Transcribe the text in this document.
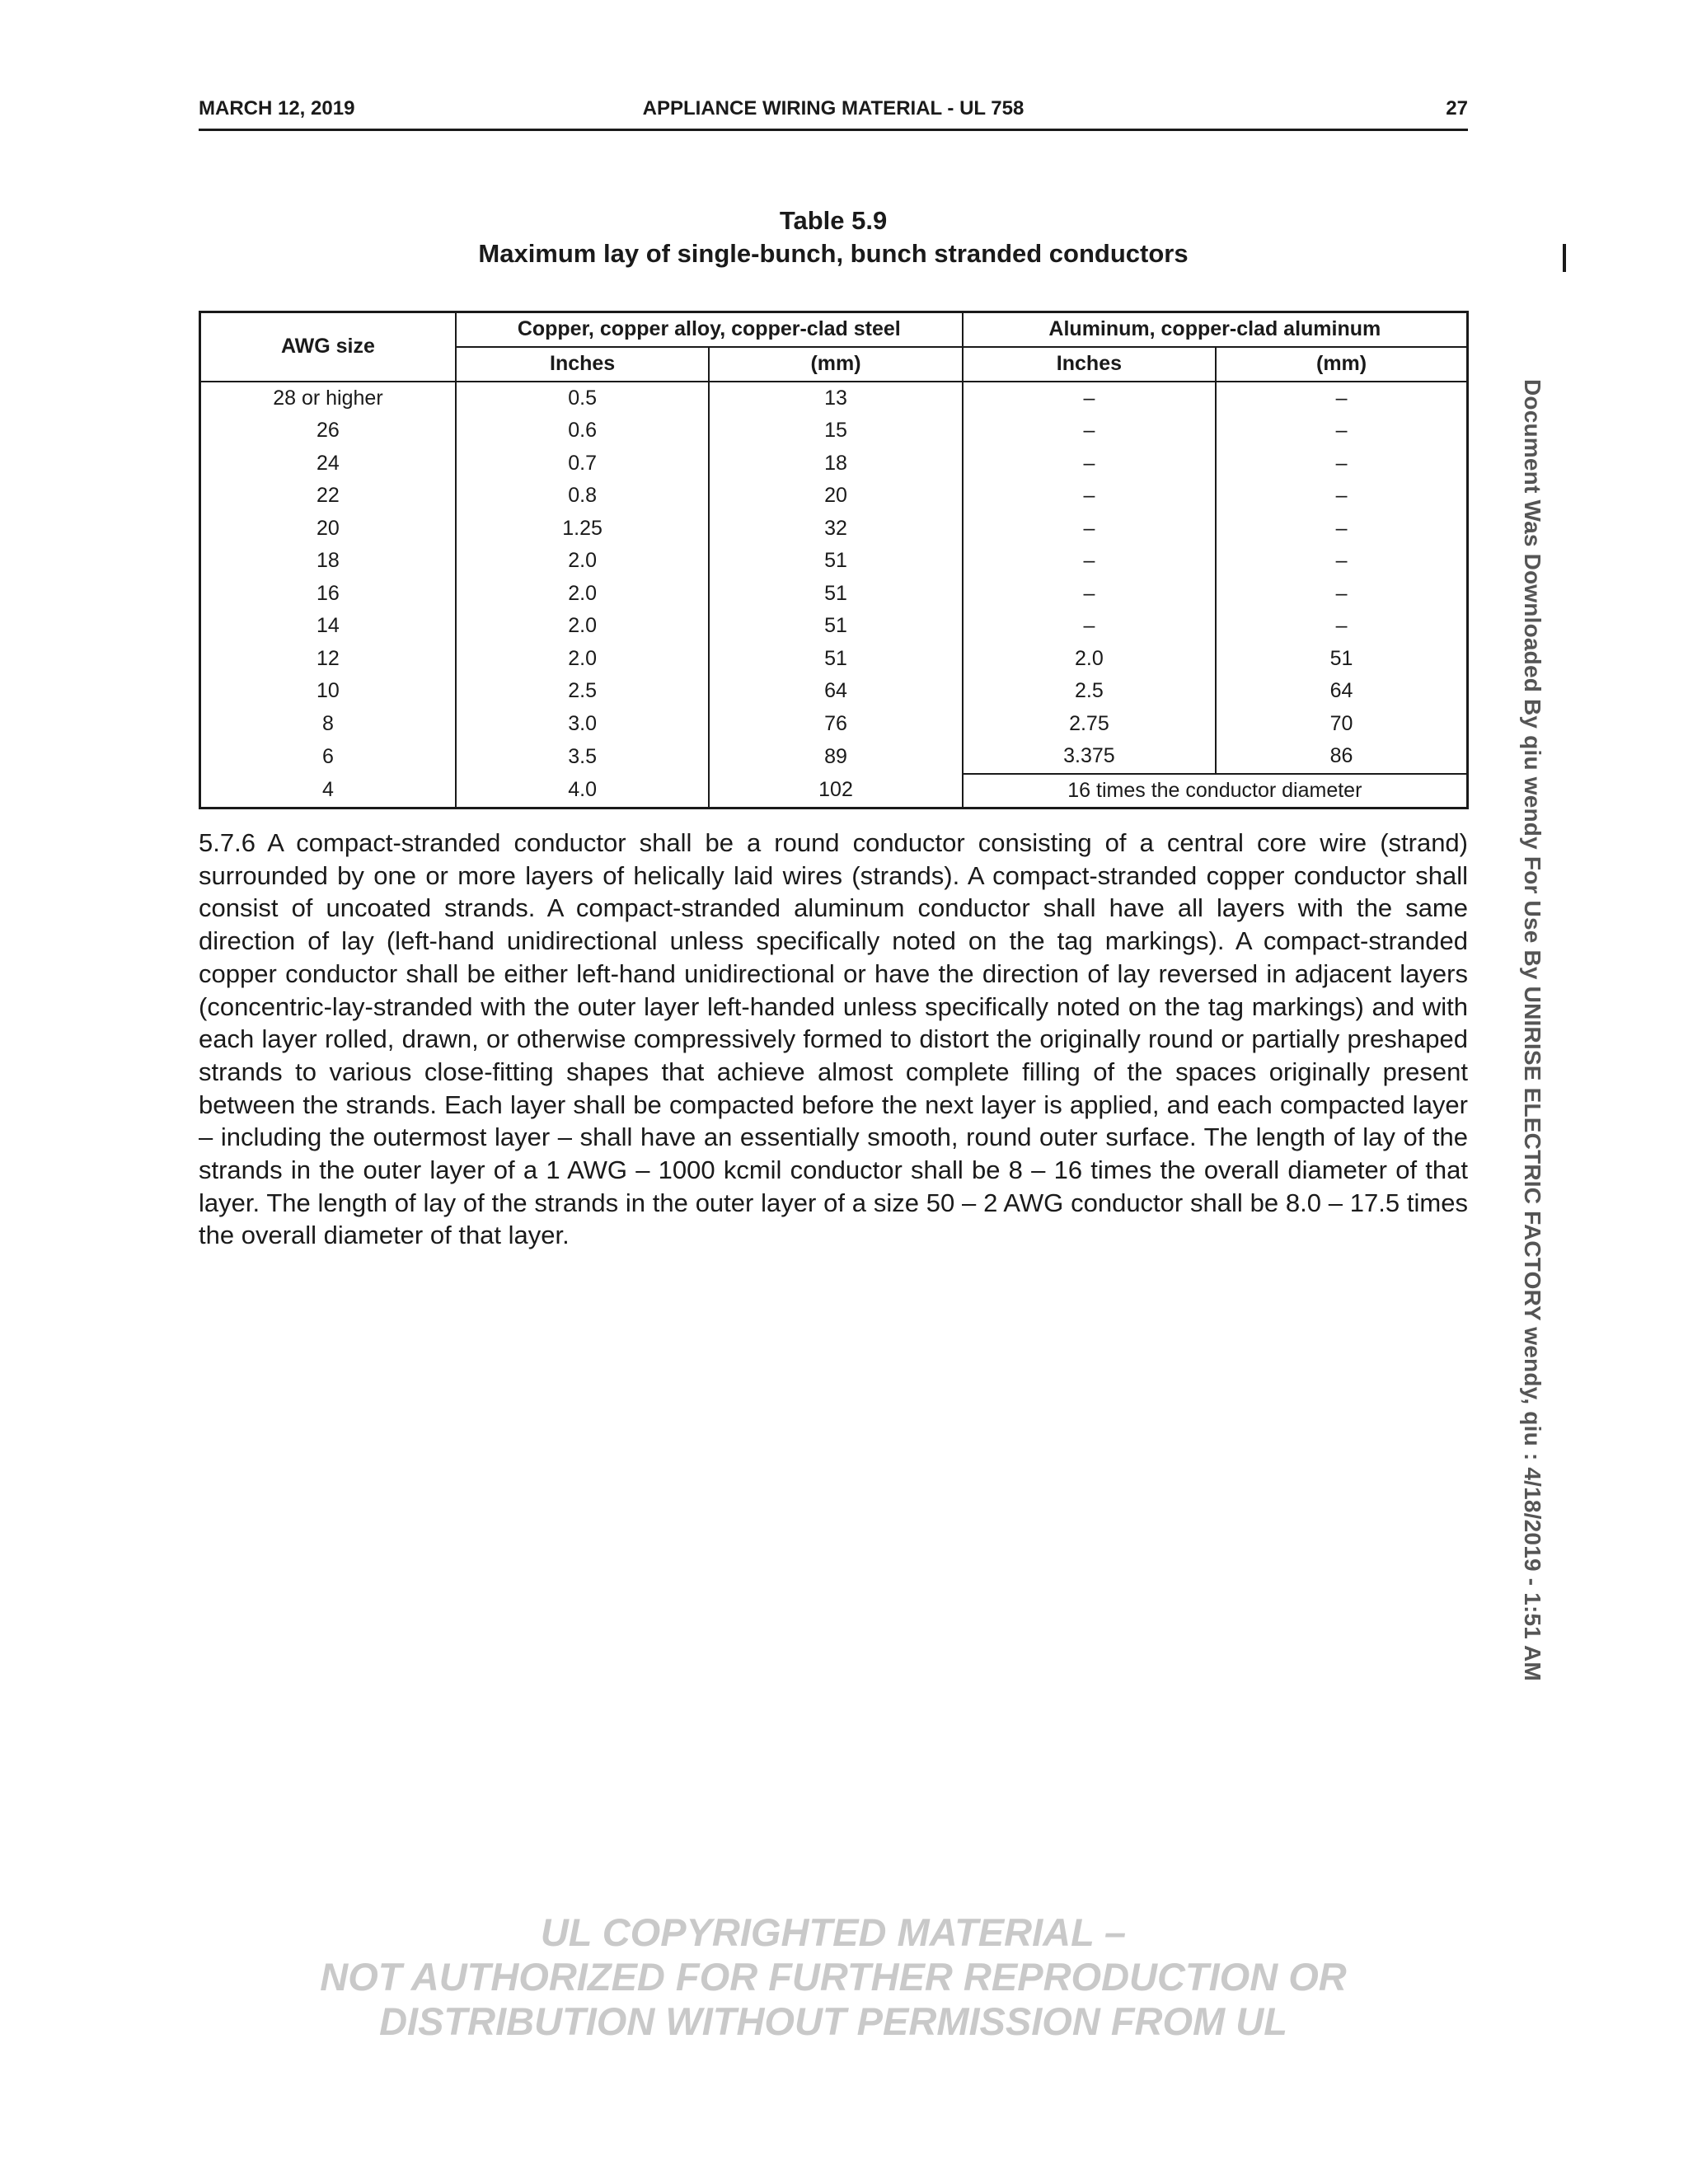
MARCH 12, 2019	APPLIANCE WIRING MATERIAL - UL 758	27
Table 5.9
Maximum lay of single-bunch, bunch stranded conductors
AWG size	Copper, copper alloy, copper-clad steel		Aluminum, copper-clad aluminum	
	Inches	(mm)	Inches	(mm)
28 or higher	0.5	13	–	–
26	0.6	15	–	–
24	0.7	18	–	–
22	0.8	20	–	–
20	1.25	32	–	–
18	2.0	51	–	–
16	2.0	51	–	–
14	2.0	51	–	–
12	2.0	51	2.0	51
10	2.5	64	2.5	64
8	3.0	76	2.75	70
6	3.5	89	3.375	86
4	4.0	102	16 times the conductor diameter	
5.7.6 A compact-stranded conductor shall be a round conductor consisting of a central core wire (strand) surrounded by one or more layers of helically laid wires (strands). A compact-stranded copper conductor shall consist of uncoated strands. A compact-stranded aluminum conductor shall have all layers with the same direction of lay (left-hand unidirectional unless specifically noted on the tag markings). A compact-stranded copper conductor shall be either left-hand unidirectional or have the direction of lay reversed in adjacent layers (concentric-lay-stranded with the outer layer left-handed unless specifically noted on the tag markings) and with each layer rolled, drawn, or otherwise compressively formed to distort the originally round or partially preshaped strands to various close-fitting shapes that achieve almost complete filling of the spaces originally present between the strands. Each layer shall be compacted before the next layer is applied, and each compacted layer – including the outermost layer – shall have an essentially smooth, round outer surface. The length of lay of the strands in the outer layer of a 1 AWG – 1000 kcmil conductor shall be 8 – 16 times the overall diameter of that layer. The length of lay of the strands in the outer layer of a size 50 – 2 AWG conductor shall be 8.0 – 17.5 times the overall diameter of that layer.	Document Was Downloaded By qiu wendy For Use By UNIRISE ELECTRIC FACTORY wendy, qiu : 4/18/2019 - 1:51 AM
UL COPYRIGHTED MATERIAL –
NOT AUTHORIZED FOR FURTHER REPRODUCTION OR
DISTRIBUTION WITHOUT PERMISSION FROM UL
